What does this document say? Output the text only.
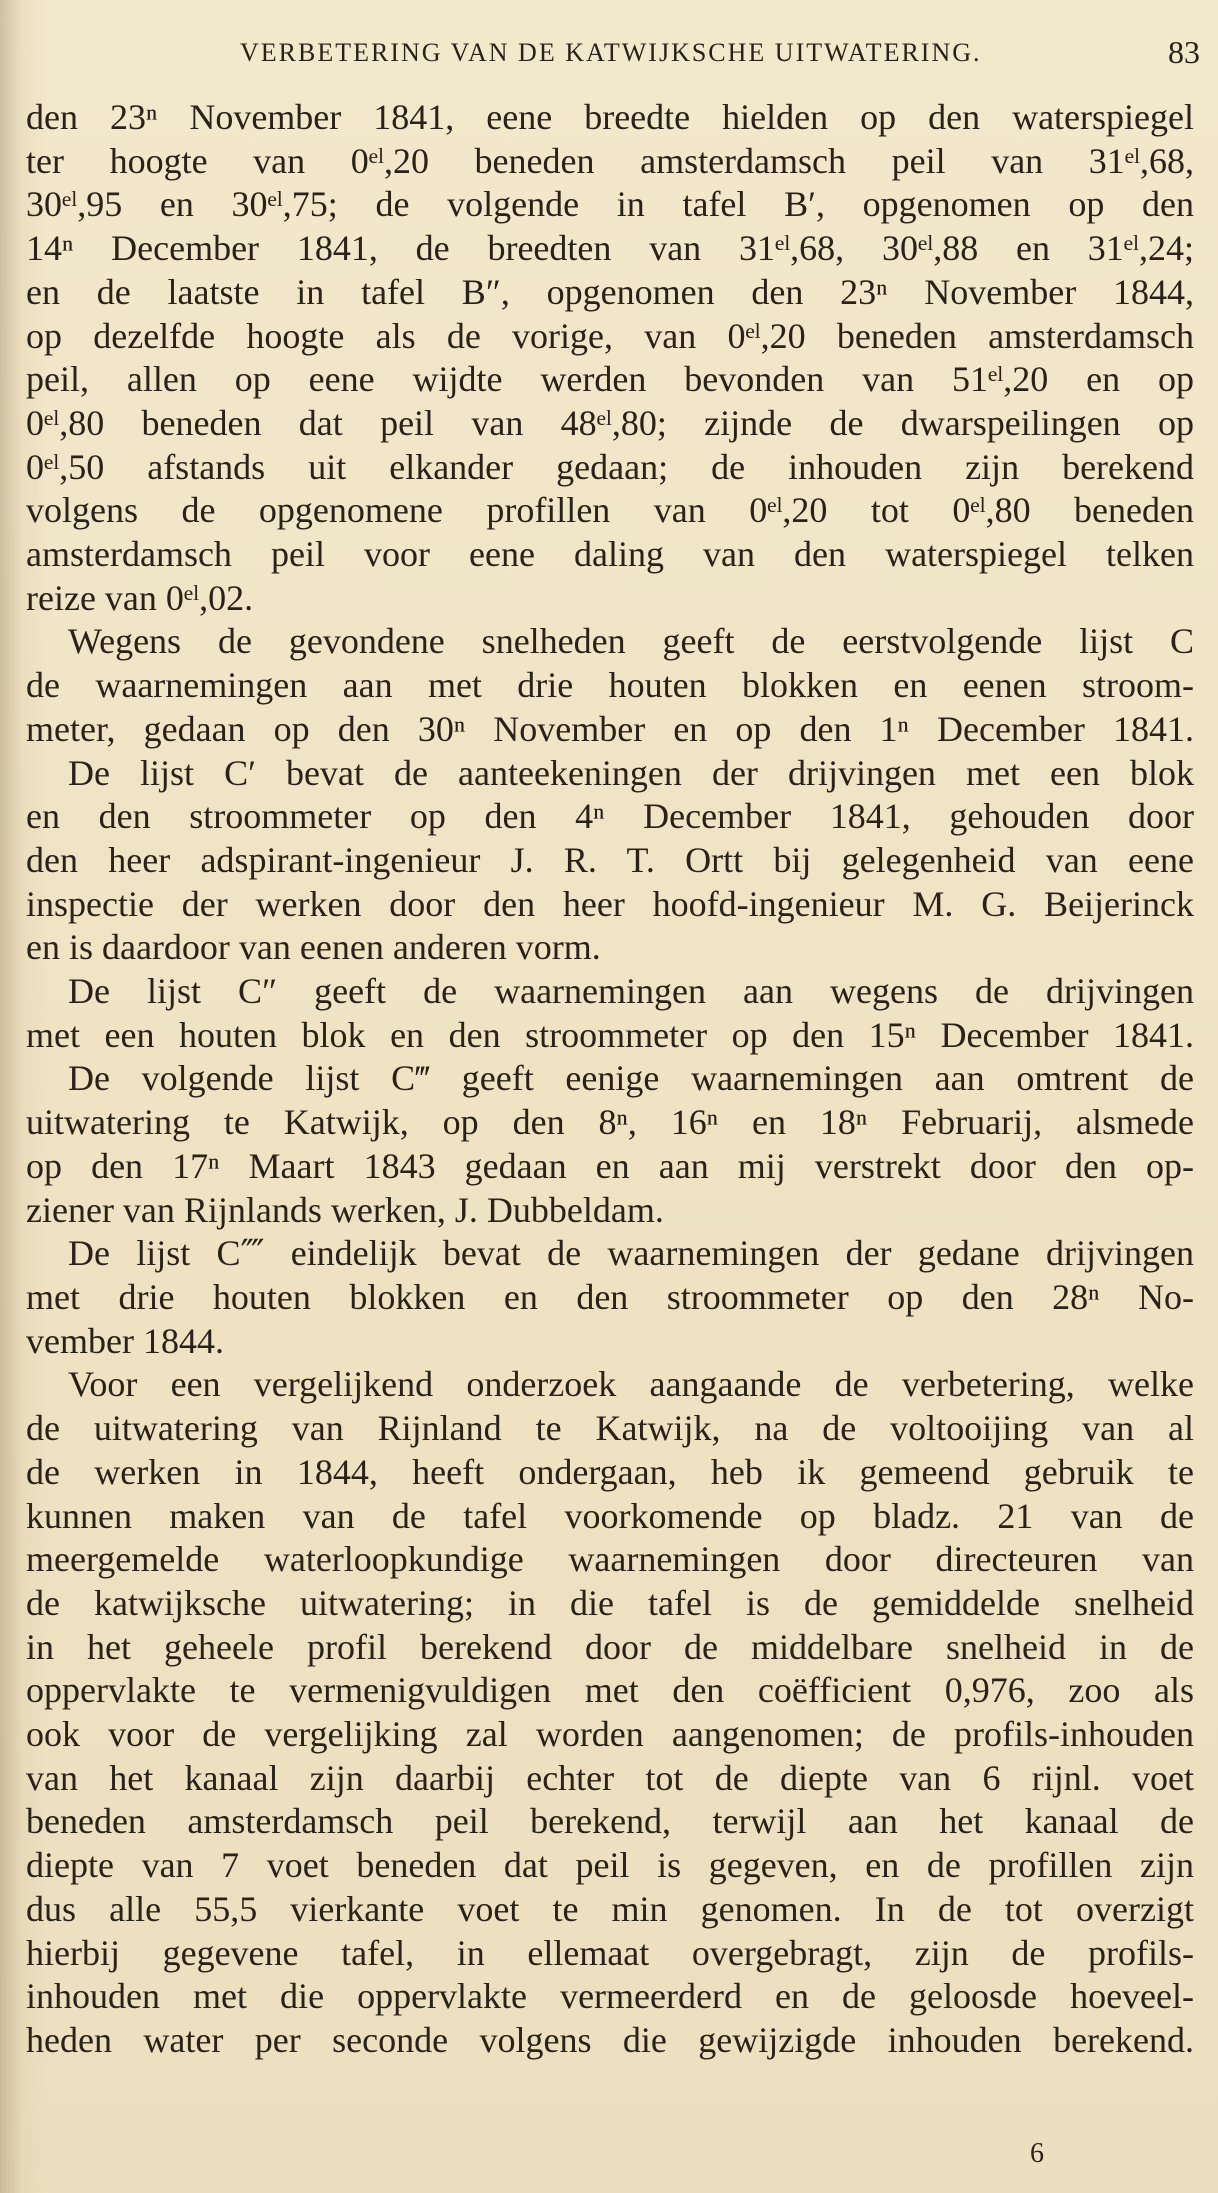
VERBETERING VAN DE KATWIJKSCHE UITWATERING.	83
den 23ⁿ November 1841, eene breedte hielden op den waterspiegel
ter hoogte van 0ᵉˡ,20 beneden amsterdamsch peil van 31ᵉˡ,68,
30ᵉˡ,95 en 30ᵉˡ,75; de volgende in tafel B′, opgenomen op den
14ⁿ December 1841, de breedten van 31ᵉˡ,68, 30ᵉˡ,88 en 31ᵉˡ,24;
en de laatste in tafel B″, opgenomen den 23ⁿ November 1844,
op dezelfde hoogte als de vorige, van 0ᵉˡ,20 beneden amsterdamsch
peil, allen op eene wijdte werden bevonden van 51ᵉˡ,20 en op
0ᵉˡ,80 beneden dat peil van 48ᵉˡ,80; zijnde de dwarspeilingen op
0ᵉˡ,50 afstands uit elkander gedaan; de inhouden zijn berekend
volgens de opgenomene profillen van 0ᵉˡ,20 tot 0ᵉˡ,80 beneden
amsterdamsch peil voor eene daling van den waterspiegel telken
reize van 0ᵉˡ,02.
Wegens de gevondene snelheden geeft de eerstvolgende lijst C
de waarnemingen aan met drie houten blokken en eenen stroom-
meter, gedaan op den 30ⁿ November en op den 1ⁿ December 1841.
De lijst C′ bevat de aanteekeningen der drijvingen met een blok
en den stroommeter op den 4ⁿ December 1841, gehouden door
den heer adspirant-ingenieur J. R. T. Ortt bij gelegenheid van eene
inspectie der werken door den heer hoofd-ingenieur M. G. Beijerinck
en is daardoor van eenen anderen vorm.
De lijst C″ geeft de waarnemingen aan wegens de drijvingen
met een houten blok en den stroommeter op den 15ⁿ December 1841.
De volgende lijst C‴ geeft eenige waarnemingen aan omtrent de
uitwatering te Katwijk, op den 8ⁿ, 16ⁿ en 18ⁿ Februarij, alsmede
op den 17ⁿ Maart 1843 gedaan en aan mij verstrekt door den op-
ziener van Rijnlands werken, J. Dubbeldam.
De lijst C⁗ eindelijk bevat de waarnemingen der gedane drijvingen
met drie houten blokken en den stroommeter op den 28ⁿ No-
vember 1844.
Voor een vergelijkend onderzoek aangaande de verbetering, welke
de uitwatering van Rijnland te Katwijk, na de voltooijing van al
de werken in 1844, heeft ondergaan, heb ik gemeend gebruik te
kunnen maken van de tafel voorkomende op bladz. 21 van de
meergemelde waterloopkundige waarnemingen door directeuren van
de katwijksche uitwatering; in die tafel is de gemiddelde snelheid
in het geheele profil berekend door de middelbare snelheid in de
oppervlakte te vermenigvuldigen met den coëfficient 0,976, zoo als
ook voor de vergelijking zal worden aangenomen; de profils-inhouden
van het kanaal zijn daarbij echter tot de diepte van 6 rijnl. voet
beneden amsterdamsch peil berekend, terwijl aan het kanaal de
diepte van 7 voet beneden dat peil is gegeven, en de profillen zijn
dus alle 55,5 vierkante voet te min genomen. In de tot overzigt
hierbij gegevene tafel, in ellemaat overgebragt, zijn de profils-
inhouden met die oppervlakte vermeerderd en de geloosde hoeveel-
heden water per seconde volgens die gewijzigde inhouden berekend.
6
